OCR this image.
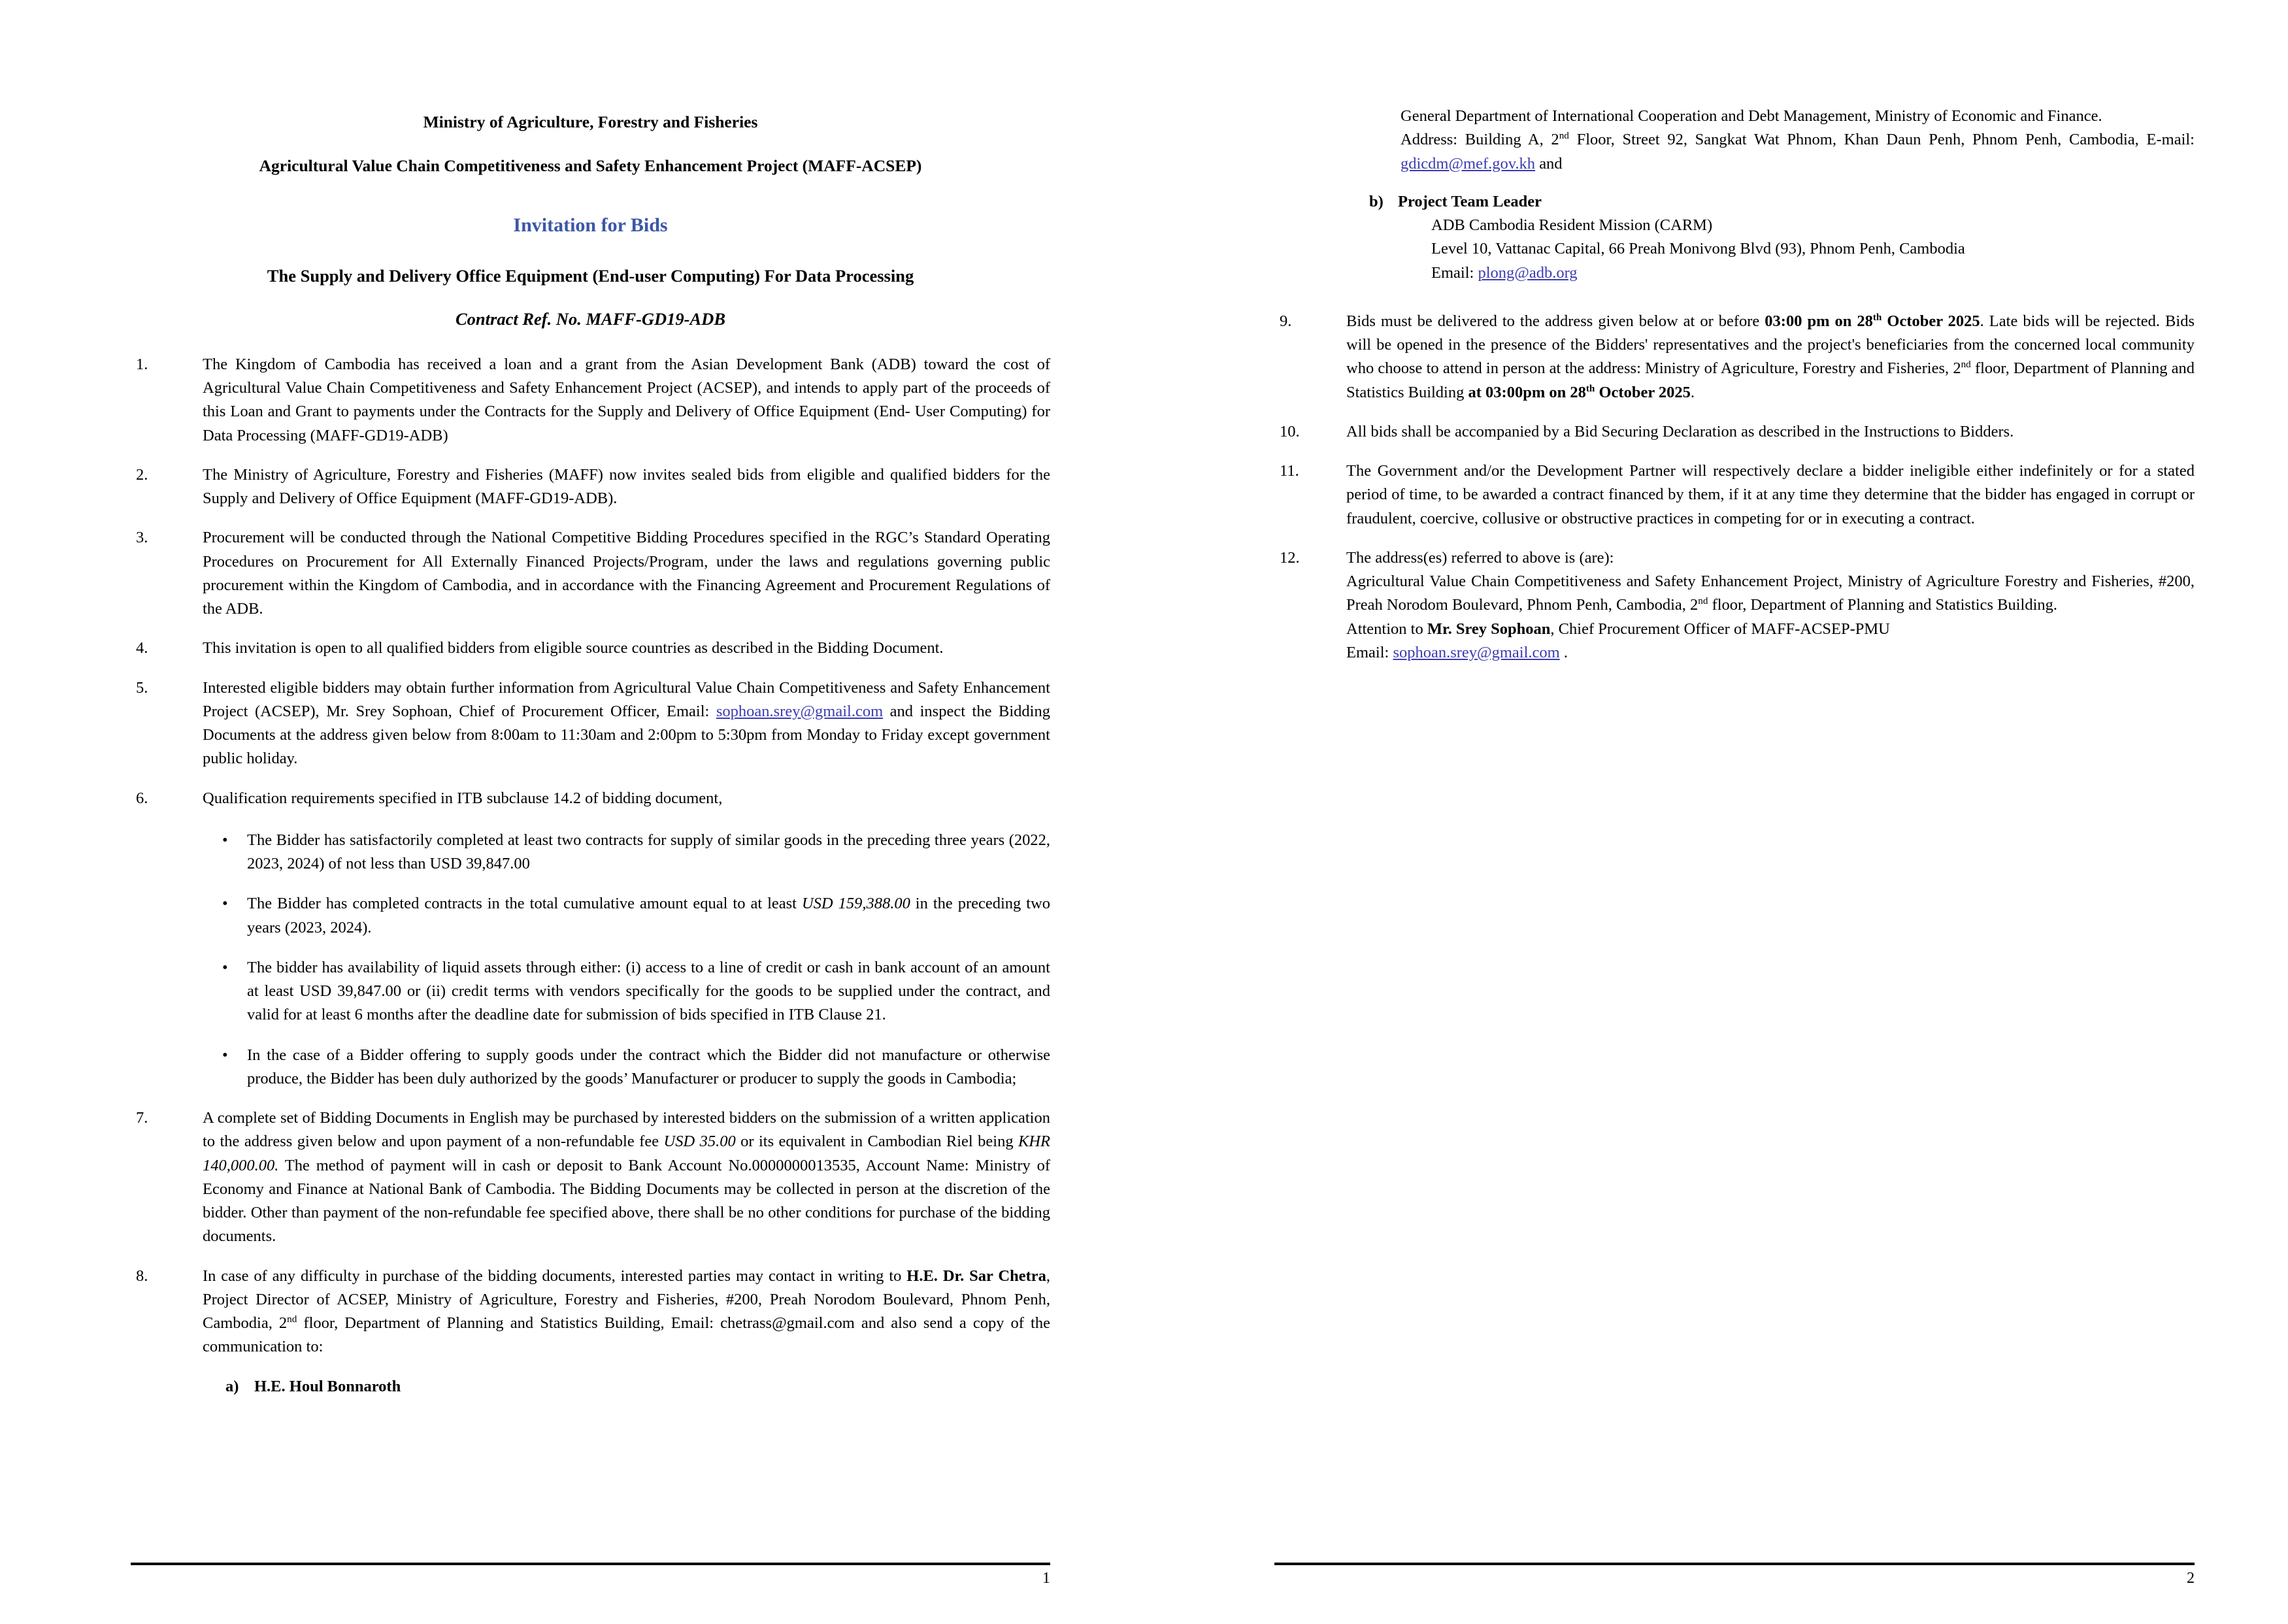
Ministry of Agriculture, Forestry and Fisheries
Agricultural Value Chain Competitiveness and Safety Enhancement Project (MAFF-ACSEP)
Invitation for Bids
The Supply and Delivery Office Equipment (End-user Computing) For Data Processing
Contract Ref. No. MAFF-GD19-ADB
1.	The Kingdom of Cambodia has received a loan and a grant from the Asian Development Bank (ADB) toward the cost of Agricultural Value Chain Competitiveness and Safety Enhancement Project (ACSEP), and intends to apply part of the proceeds of this Loan and Grant to payments under the Contracts for the Supply and Delivery of Office Equipment (End- User Computing) for Data Processing (MAFF-GD19-ADB)
2.	The Ministry of Agriculture, Forestry and Fisheries (MAFF) now invites sealed bids from eligible and qualified bidders for the Supply and Delivery of Office Equipment (MAFF-GD19-ADB).
3.	Procurement will be conducted through the National Competitive Bidding Procedures specified in the RGC’s Standard Operating Procedures on Procurement for All Externally Financed Projects/Program, under the laws and regulations governing public procurement within the Kingdom of Cambodia, and in accordance with the Financing Agreement and Procurement Regulations of the ADB.
4.	This invitation is open to all qualified bidders from eligible source countries as described in the Bidding Document.
5.	Interested eligible bidders may obtain further information from Agricultural Value Chain Competitiveness and Safety Enhancement Project (ACSEP), Mr. Srey Sophoan, Chief of Procurement Officer, Email: sophoan.srey@gmail.com and inspect the Bidding Documents at the address given below from 8:00am to 11:30am and 2:00pm to 5:30pm from Monday to Friday except government public holiday.
6.	Qualification requirements specified in ITB subclause 14.2 of bidding document,
• The Bidder has satisfactorily completed at least two contracts for supply of similar goods in the preceding three years (2022, 2023, 2024) of not less than USD 39,847.00
• The Bidder has completed contracts in the total cumulative amount equal to at least USD 159,388.00 in the preceding two years (2023, 2024).
• The bidder has availability of liquid assets through either: (i) access to a line of credit or cash in bank account of an amount at least USD 39,847.00 or (ii) credit terms with vendors specifically for the goods to be supplied under the contract, and valid for at least 6 months after the deadline date for submission of bids specified in ITB Clause 21.
• In the case of a Bidder offering to supply goods under the contract which the Bidder did not manufacture or otherwise produce, the Bidder has been duly authorized by the goods’ Manufacturer or producer to supply the goods in Cambodia;
7.	A complete set of Bidding Documents in English may be purchased by interested bidders on the submission of a written application to the address given below and upon payment of a non-refundable fee USD 35.00 or its equivalent in Cambodian Riel being KHR 140,000.00. The method of payment will in cash or deposit to Bank Account No.0000000013535, Account Name: Ministry of Economy and Finance at National Bank of Cambodia. The Bidding Documents may be collected in person at the discretion of the bidder. Other than payment of the non-refundable fee specified above, there shall be no other conditions for purchase of the bidding documents.
8.	In case of any difficulty in purchase of the bidding documents, interested parties may contact in writing to H.E. Dr. Sar Chetra, Project Director of ACSEP, Ministry of Agriculture, Forestry and Fisheries, #200, Preah Norodom Boulevard, Phnom Penh, Cambodia, 2nd floor, Department of Planning and Statistics Building, Email: chetrass@gmail.com and also send a copy of the communication to:
a) H.E. Houl Bonnaroth
1

General Department of International Cooperation and Debt Management, Ministry of Economic and Finance.

Address: Building A, 2nd Floor, Street 92, Sangkat Wat Phnom, Khan Daun Penh, Phnom Penh, Cambodia, E-mail: gdicdm@mef.gov.kh and

b) Project Team Leader

ADB Cambodia Resident Mission (CARM)

Level 10, Vattanac Capital, 66 Preah Monivong Blvd (93), Phnom Penh, Cambodia

Email: plong@adb.org

9.	Bids must be delivered to the address given below at or before 03:00 pm on 28th October 2025. Late bids will be rejected. Bids will be opened in the presence of the Bidders' representatives and the project's beneficiaries from the concerned local community who choose to attend in person at the address: Ministry of Agriculture, Forestry and Fisheries, 2nd floor, Department of Planning and Statistics Building at 03:00pm on 28th October 2025.
10.	All bids shall be accompanied by a Bid Securing Declaration as described in the Instructions to Bidders.
11.	The Government and/or the Development Partner will respectively declare a bidder ineligible either indefinitely or for a stated period of time, to be awarded a contract financed by them, if it at any time they determine that the bidder has engaged in corrupt or fraudulent, coercive, collusive or obstructive practices in competing for or in executing a contract.
12.	The address(es) referred to above is (are):

Agricultural Value Chain Competitiveness and Safety Enhancement Project, Ministry of Agriculture Forestry and Fisheries, #200, Preah Norodom Boulevard, Phnom Penh, Cambodia, 2nd floor, Department of Planning and Statistics Building.

Attention to Mr. Srey Sophoan, Chief Procurement Officer of MAFF-ACSEP-PMU

Email: sophoan.srey@gmail.com .

2
